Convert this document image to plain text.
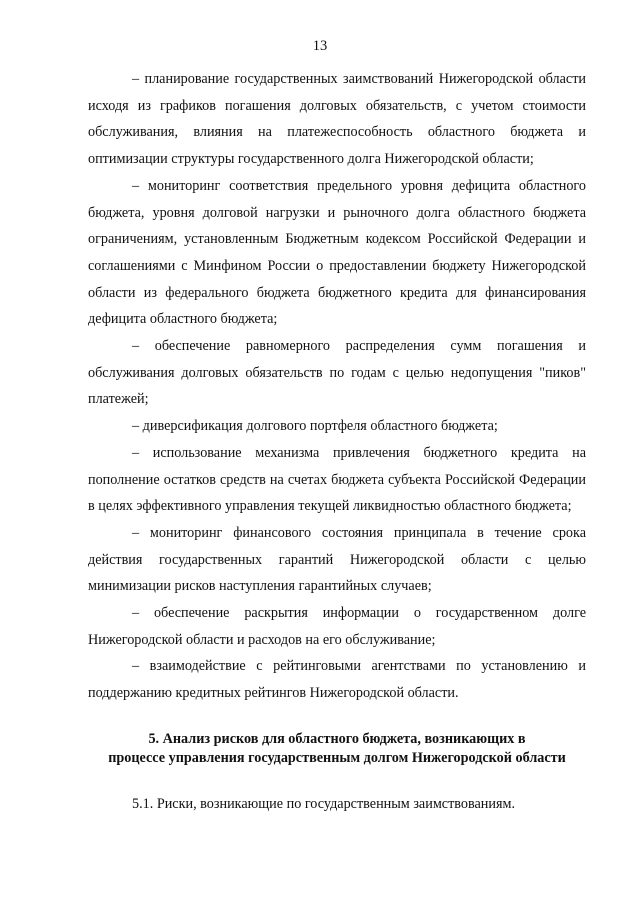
13

– планирование государственных заимствований Нижегородской области исходя из графиков погашения долговых обязательств, с учетом стоимости обслуживания, влияния на платежеспособность областного бюджета и оптимизации структуры государственного долга Нижегородской области;

– мониторинг соответствия предельного уровня дефицита областного бюджета, уровня долговой нагрузки и рыночного долга областного бюджета ограничениям, установленным Бюджетным кодексом Российской Федерации и соглашениями с Минфином России о предоставлении бюджету Нижегородской области из федерального бюджета бюджетного кредита для финансирования дефицита областного бюджета;

– обеспечение равномерного распределения сумм погашения и обслуживания долговых обязательств по годам с целью недопущения "пиков" платежей;

– диверсификация долгового портфеля областного бюджета;

– использование механизма привлечения бюджетного кредита на пополнение остатков средств на счетах бюджета субъекта Российской Федерации в целях эффективного управления текущей ликвидностью областного бюджета;

– мониторинг финансового состояния принципала в течение срока действия государственных гарантий Нижегородской области с целью минимизации рисков наступления гарантийных случаев;

– обеспечение раскрытия информации о государственном долге Нижегородской области и расходов на его обслуживание;

– взаимодействие с рейтинговыми агентствами по установлению и поддержанию кредитных рейтингов Нижегородской области.

5. Анализ рисков для областного бюджета, возникающих в
процессе управления государственным долгом Нижегородской области

5.1. Риски, возникающие по государственным заимствованиям.
